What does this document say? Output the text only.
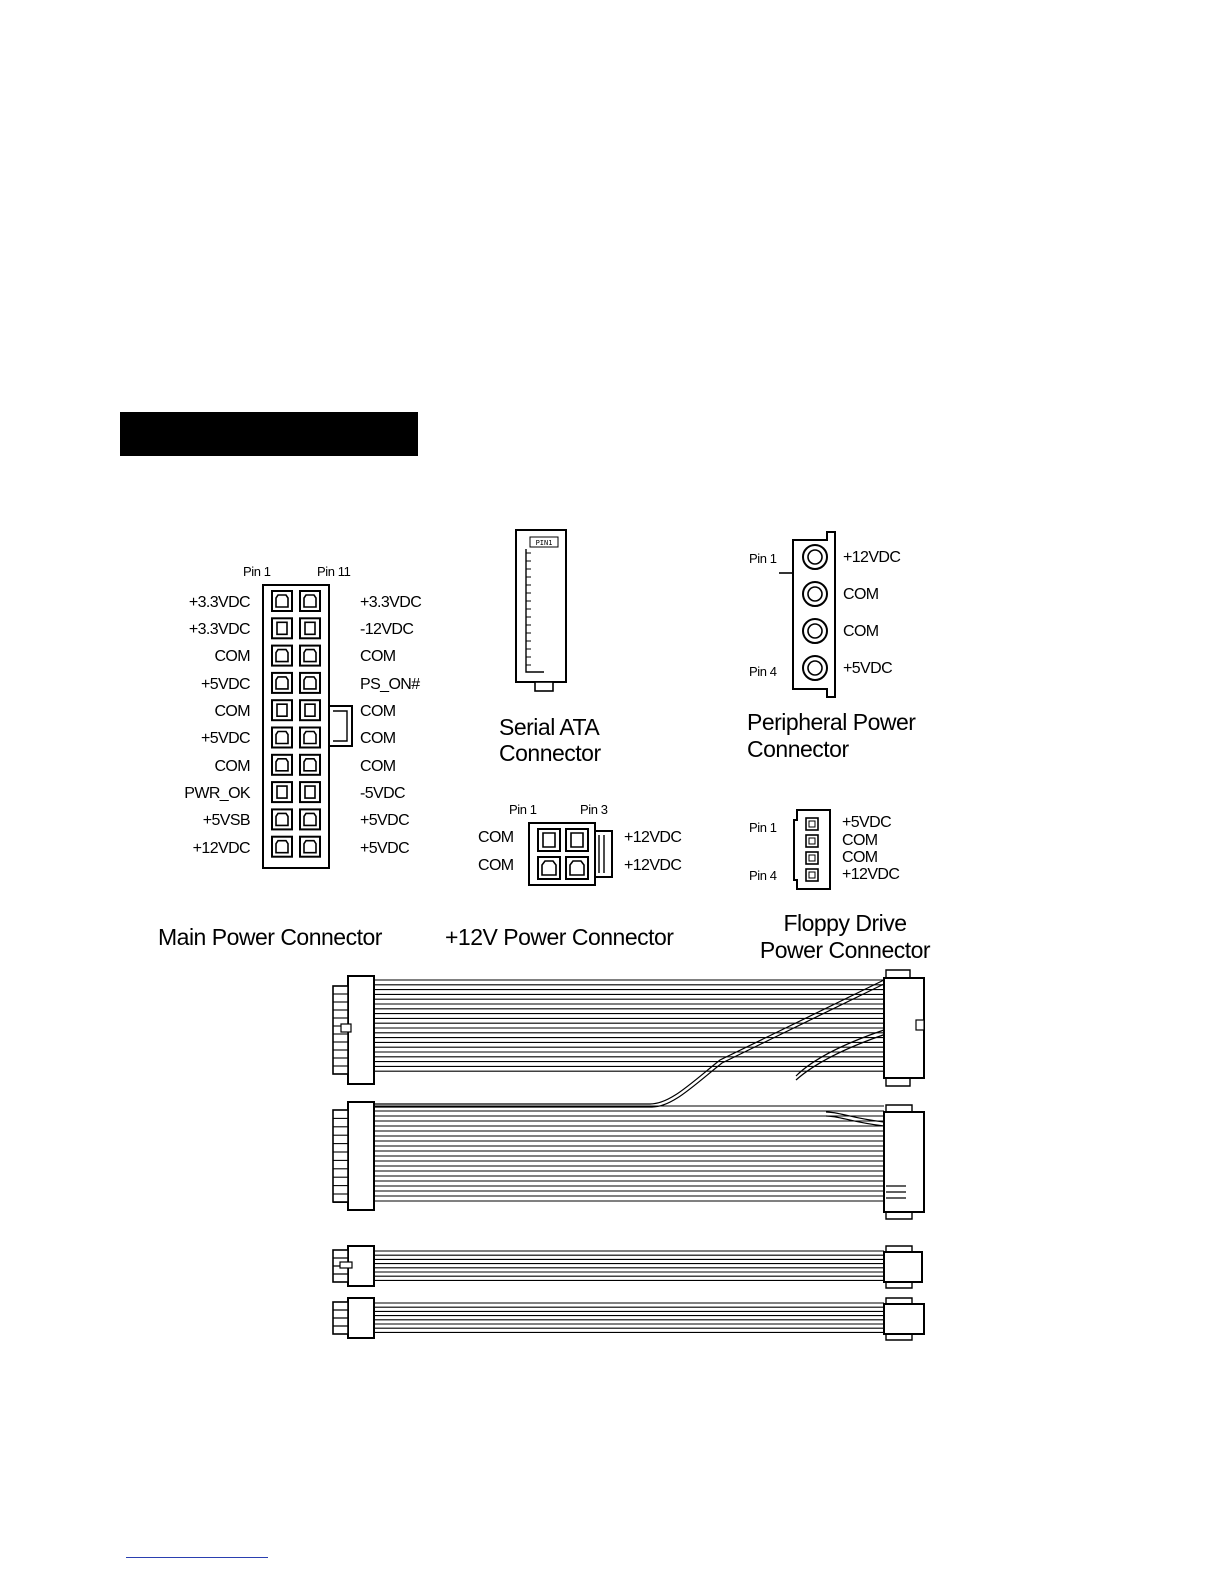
Pin 1	Pin 11
+3.3VDC
+3.3VDC
COM
+5VDC
COM
+5VDC
COM
PWR_OK
+5VSB
+12VDC
+3.3VDC
-12VDC
COM
PS_ON#
COM
COM
COM
-5VDC
+5VDC
+5VDC
Main Power Connector
PIN1
Serial ATA
Connector
Pin 1
Pin 4
+12VDC
COM
COM
+5VDC
Peripheral Power
Connector
Pin 1	Pin 3
COM
COM
+12VDC
+12VDC
+12V Power Connector
Pin 1
Pin 4
+5VDC
COM
COM
+12VDC
Floppy Drive
Power Connector
